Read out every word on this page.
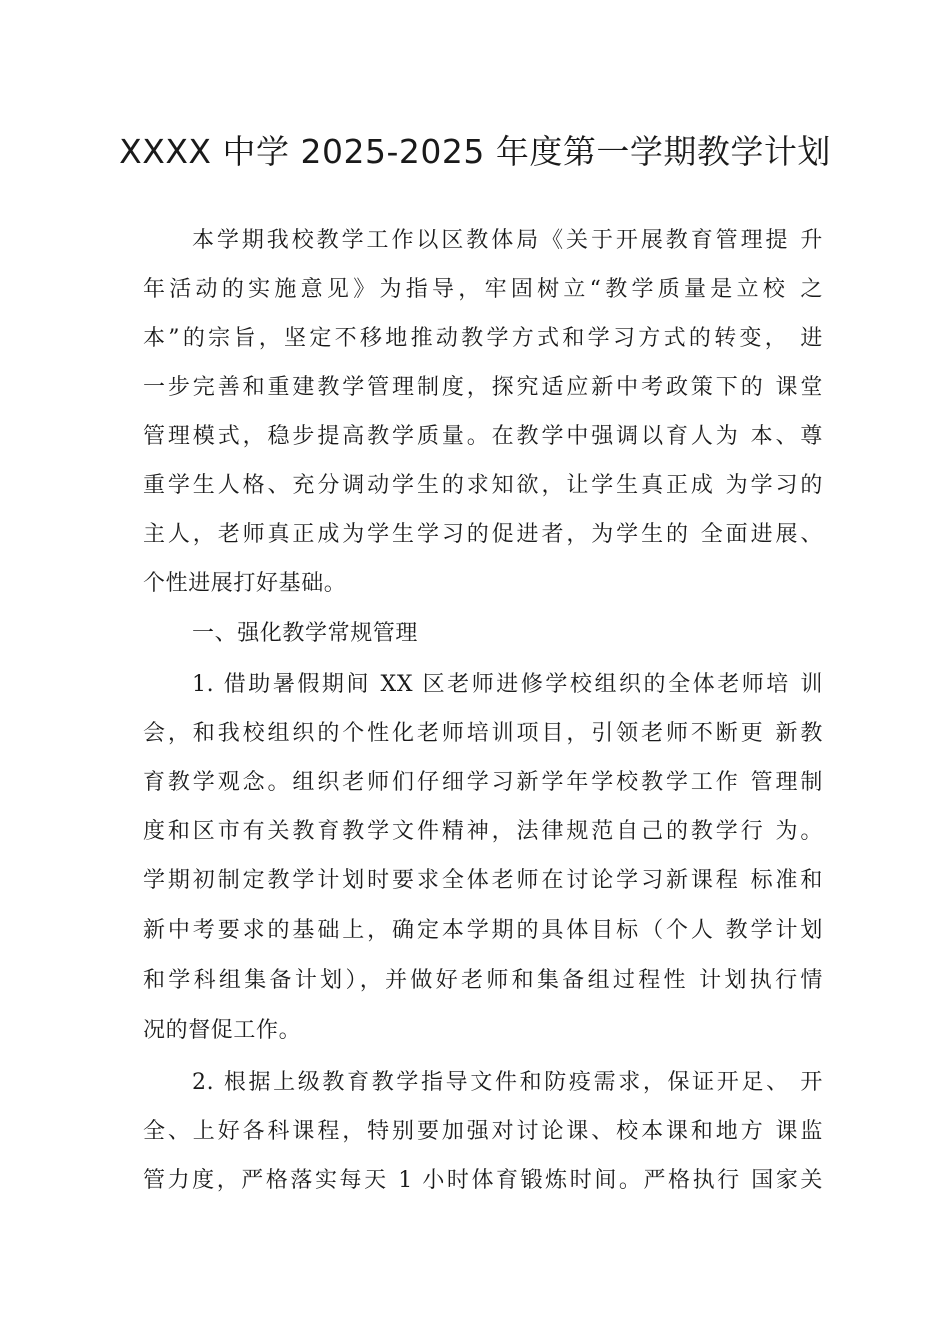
XXXX 中学 2025-2025 年度第一学期教学计划
本学期我校教学工作以区教体局《关于开展教育管理提 升
年活动的实施意见》为指导，牢固树立“教学质量是立校 之
本”的宗旨，坚定不移地推动教学方式和学习方式的转变， 进
一步完善和重建教学管理制度，探究适应新中考政策下的 课堂
管理模式，稳步提高教学质量。在教学中强调以育人为 本、尊
重学生人格、充分调动学生的求知欲，让学生真正成 为学习的
主人，老师真正成为学生学习的促进者，为学生的 全面进展、
个性进展打好基础。
一、强化教学常规管理
1. 借助暑假期间 XX 区老师进修学校组织的全体老师培 训
会，和我校组织的个性化老师培训项目，引领老师不断更 新教
育教学观念。组织老师们仔细学习新学年学校教学工作 管理制
度和区市有关教育教学文件精神，法律规范自己的教学行 为。
学期初制定教学计划时要求全体老师在讨论学习新课程 标准和
新中考要求的基础上，确定本学期的具体目标（个人 教学计划
和学科组集备计划），并做好老师和集备组过程性 计划执行情
况的督促工作。
2. 根据上级教育教学指导文件和防疫需求，保证开足、 开
全、上好各科课程，特别要加强对讨论课、校本课和地方 课监
管力度，严格落实每天 1 小时体育锻炼时间。严格执行 国家关
